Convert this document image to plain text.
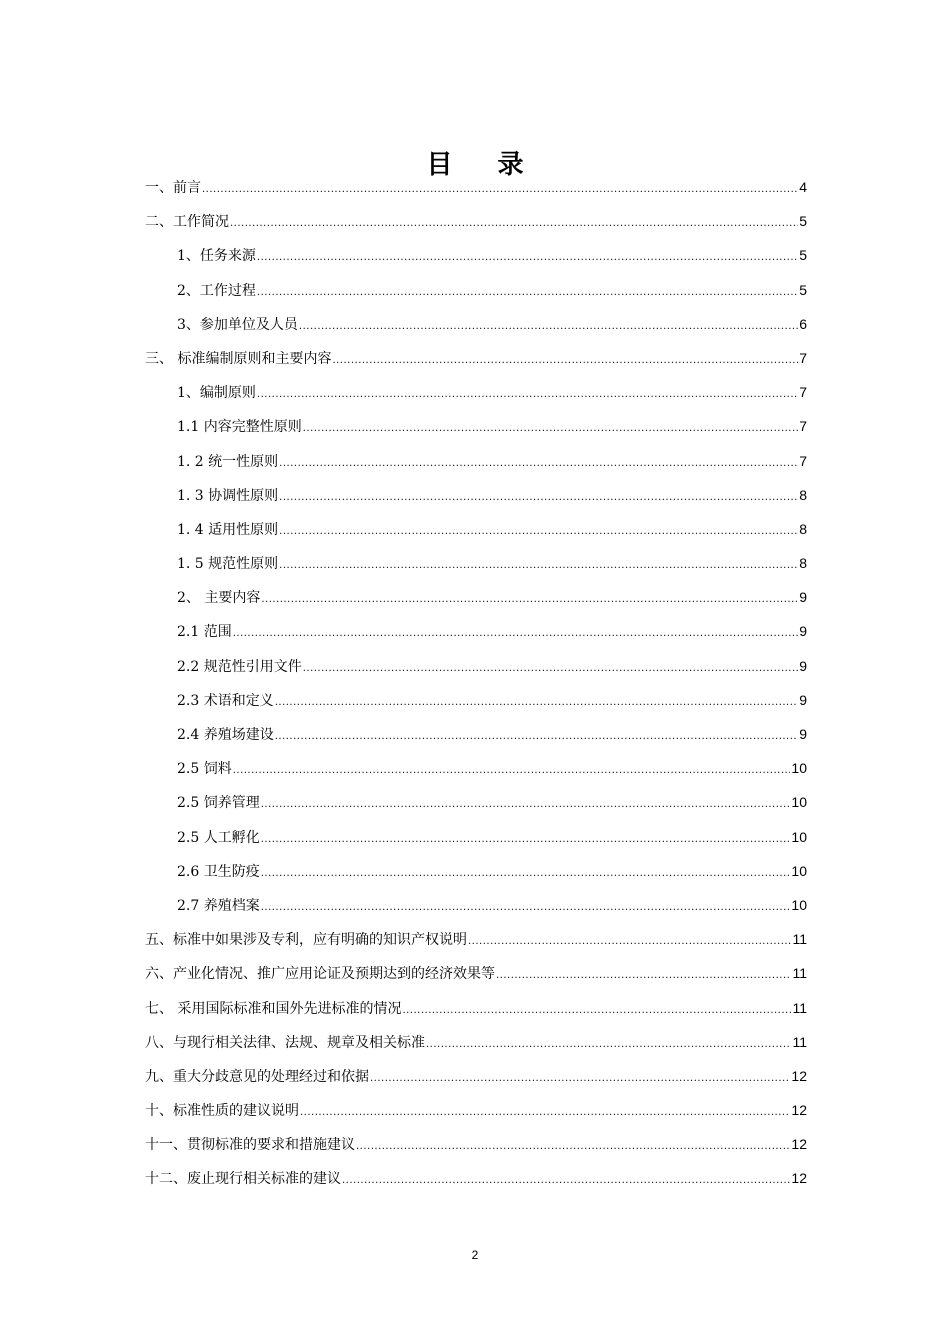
目 录
一、前言 .....	4
二、工作简况 .....	5
1、任务来源 .....	5
2、工作过程 .....	5
3、参加单位及人员 .....	6
三、 标准编制原则和主要内容 .....	7
1、编制原则 .....	7
1.1 内容完整性原则 .....	7
1. 2 统一性原则 .....	7
1. 3 协调性原则 .....	8
1. 4 适用性原则 .....	8
1. 5 规范性原则 .....	8
2、 主要内容 .....	9
2.1 范围 .....	9
2.2 规范性引用文件 .....	9
2.3 术语和定义 .....	9
2.4 养殖场建设 .....	9
2.5 饲料 .....	10
2.5 饲养管理 .....	10
2.5 人工孵化 .....	10
2.6 卫生防疫 .....	10
2.7 养殖档案 .....	10
五、标准中如果涉及专利，应有明确的知识产权说明 .....	11
六、产业化情况、推广应用论证及预期达到的经济效果等 .....	11
七、 采用国际标准和国外先进标准的情况 .....	11
八、与现行相关法律、法规、规章及相关标准 .....	11
九、重大分歧意见的处理经过和依据 .....	12
十、标准性质的建议说明 .....	12
十一、贯彻标准的要求和措施建议 .....	12
十二、废止现行相关标准的建议 .....	12
2
